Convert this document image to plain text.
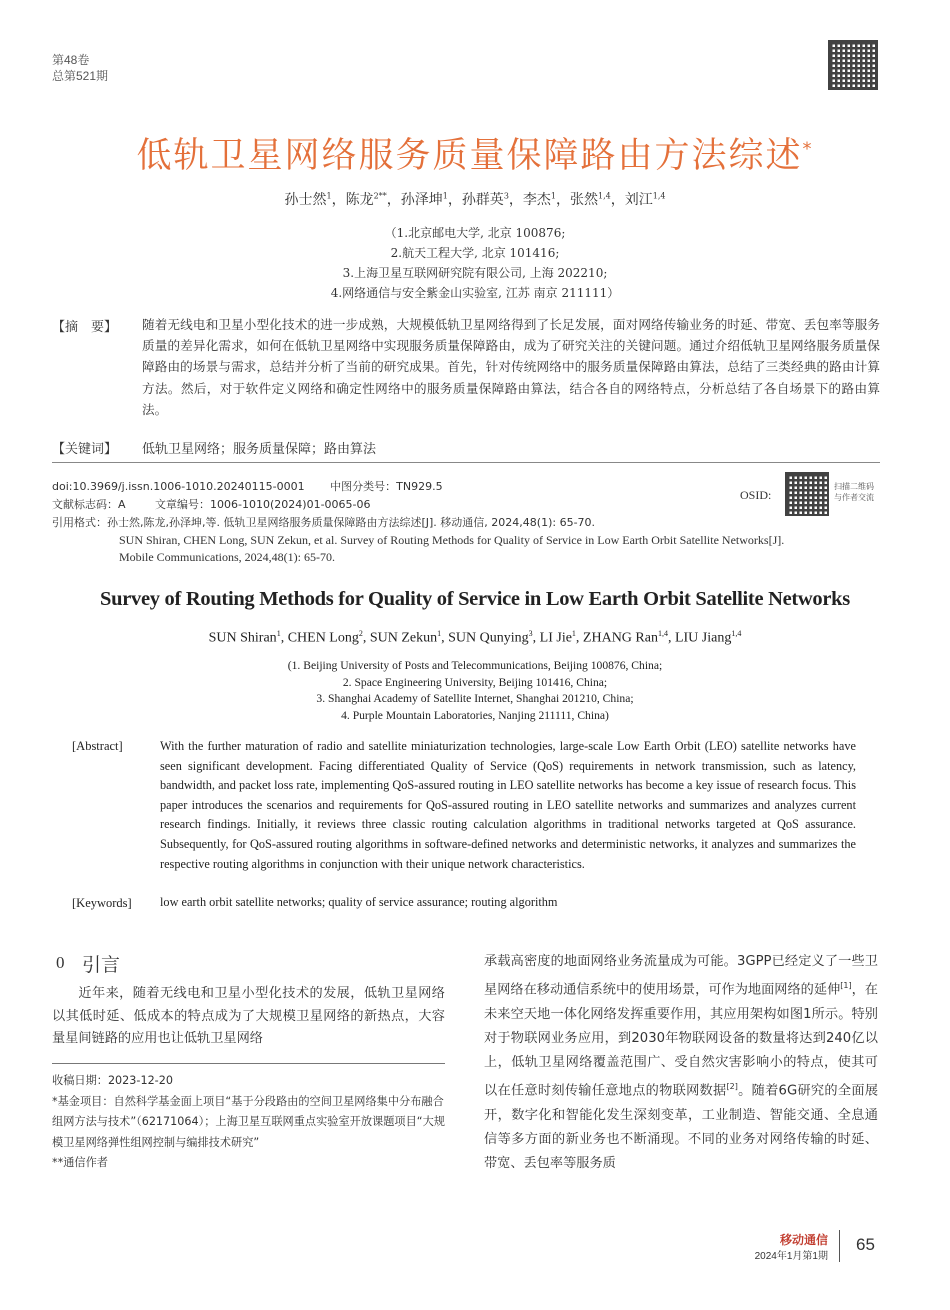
第48卷
总第521期
低轨卫星网络服务质量保障路由方法综述*
孙士然$^1$，陈龙$^{2**}$，孙泽坤$^1$，孙群英$^3$，李杰$^1$，张然$^{1,4}$，刘江$^{1,4}$
（1.北京邮电大学, 北京 100876;
2.航天工程大学, 北京 101416;
3.上海卫星互联网研究院有限公司, 上海 202210;
4.网络通信与安全紫金山实验室, 江苏 南京 211111）
【摘　要】 随着无线电和卫星小型化技术的进一步成熟，大规模低轨卫星网络得到了长足发展，面对网络传输业务的时延、带宽、丢包率等服务质量的差异化需求，如何在低轨卫星网络中实现服务质量保障路由，成为了研究关注的关键问题。通过介绍低轨卫星网络服务质量保障路由的场景与需求，总结并分析了当前的研究成果。首先，针对传统网络中的服务质量保障路由算法，总结了三类经典的路由计算方法。然后，对于软件定义网络和确定性网络中的服务质量保障路由算法，结合各自的网络特点，分析总结了各自场景下的路由算法。
【关键词】 低轨卫星网络；服务质量保障；路由算法
doi:10.3969/j.issn.1006-1010.20240115-0001 中图分类号：TN929.5
文献标志码：A	文章编号：1006-1010(2024)01-0065-06
引用格式：孙士然,陈龙,孙泽坤,等. 低轨卫星网络服务质量保障路由方法综述[J]. 移动通信, 2024,48(1): 65-70.
SUN Shiran, CHEN Long, SUN Zekun, et al. Survey of Routing Methods for Quality of Service in Low Earth Orbit Satellite Networks[J].
Mobile Communications, 2024,48(1): 65-70.
OSID:
扫描二维码
与作者交流
Survey of Routing Methods for Quality of Service in Low Earth Orbit Satellite Networks
SUN Shiran$^1$, CHEN Long$^2$, SUN Zekun$^1$, SUN Qunying$^3$, LI Jie$^1$, ZHANG Ran$^{1,4}$, LIU Jiang$^{1,4}$
(1. Beijing University of Posts and Telecommunications, Beijing 100876, China;
2. Space Engineering University, Beijing 101416, China;
3. Shanghai Academy of Satellite Internet, Shanghai 201210, China;
4. Purple Mountain Laboratories, Nanjing 211111, China)
[Abstract]	With the further maturation of radio and satellite miniaturization technologies, large-scale Low Earth Orbit (LEO) satellite networks have seen significant development. Facing differentiated Quality of Service (QoS) requirements in network transmission, such as latency, bandwidth, and packet loss rate, implementing QoS-assured routing in LEO satellite networks has become a key issue of research focus. This paper introduces the scenarios and requirements for QoS-assured routing in LEO satellite networks and summarizes and analyzes current research findings. Initially, it reviews three classic routing calculation algorithms in traditional networks targeted at QoS assurance. Subsequently, for QoS-assured routing algorithms in software-defined networks and deterministic networks, it analyzes and summarizes the respective routing algorithms in conjunction with their unique network characteristics.
[Keywords] low earth orbit satellite networks; quality of service assurance; routing algorithm
0 引言
近年来，随着无线电和卫星小型化技术的发展，低轨卫星网络以其低时延、低成本的特点成为了大规模卫星网络的新热点，大容量星间链路的应用也让低轨卫星网络
收稿日期：2023-12-20
*基金项目：自然科学基金面上项目“基于分段路由的空间卫星网络集中分布融合组网方法与技术”（62171064）；上海卫星互联网重点实验室开放课题项目“大规模卫星网络弹性组网控制与编排技术研究”
**通信作者
承载高密度的地面网络业务流量成为可能。3GPP已经定义了一些卫星网络在移动通信系统中的使用场景，可作为地面网络的延伸[1]，在未来空天地一体化网络发挥重要作用，其应用架构如图1所示。特别对于物联网业务应用，到2030年物联网设备的数量将达到240亿以上，低轨卫星网络覆盖范围广、受自然灾害影响小的特点，使其可以在任意时刻传输任意地点的物联网数据[2]。随着6G研究的全面展开，数字化和智能化发生深刻变革，工业制造、智能交通、全息通信等多方面的新业务也不断涌现。不同的业务对网络传输的时延、带宽、丢包率等服务质
移动通信
2024年1月第1期
65
